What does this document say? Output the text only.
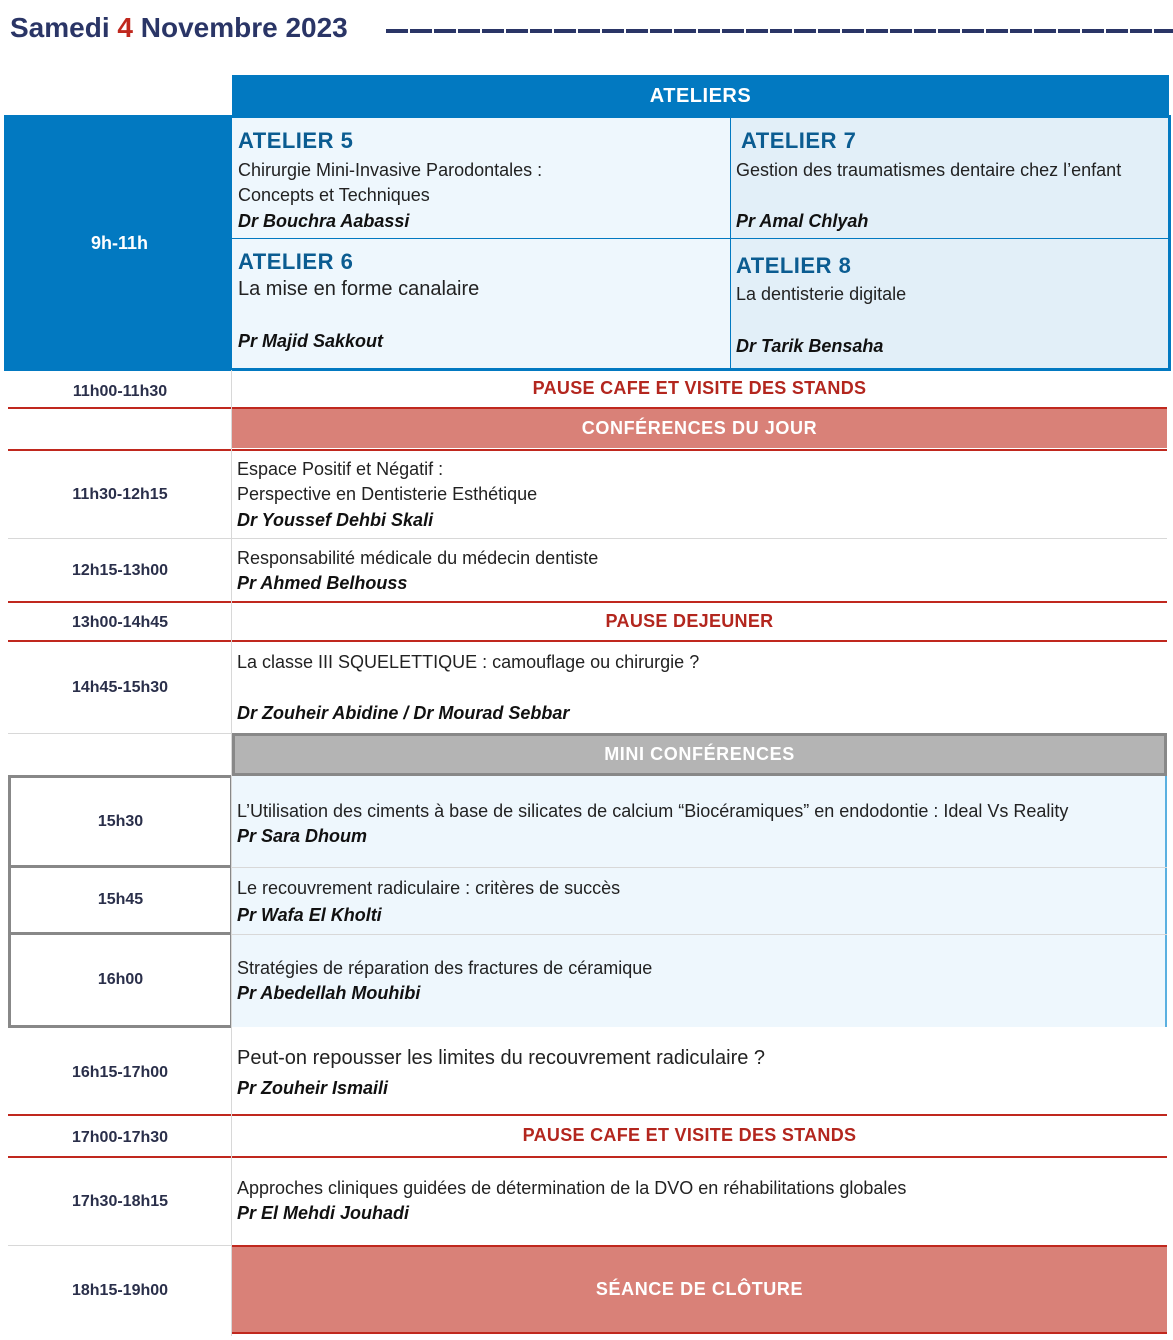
Samedi 4 Novembre 2023
ATELIERS
9h-11h
ATELIER 5
Chirurgie Mini-Invasive Parodontales :
Concepts et Techniques
Dr Bouchra Aabassi
ATELIER 7
Gestion des traumatismes dentaire chez l’enfant
Pr Amal Chlyah
ATELIER 6
La mise en forme canalaire
Pr Majid Sakkout
ATELIER 8
La dentisterie digitale
Dr Tarik Bensaha
11h00-11h30	PAUSE CAFE ET VISITE DES STANDS
CONFÉRENCES DU JOUR
11h30-12h15
Espace Positif et Négatif :
Perspective en Dentisterie Esthétique
Dr Youssef Dehbi Skali
12h15-13h00
Responsabilité médicale du médecin dentiste
Pr Ahmed Belhouss
13h00-14h45	PAUSE DEJEUNER
14h45-15h30
La classe III SQUELETTIQUE : camouflage ou chirurgie ?
Dr Zouheir Abidine / Dr Mourad Sebbar
MINI CONFÉRENCES
15h30	L’Utilisation des ciments à base de silicates de calcium “Biocéramiques” en endodontie : Ideal Vs Reality
Pr Sara Dhoum
15h45
Le recouvrement radiculaire : critères de succès
Pr Wafa El Kholti
16h00
Stratégies de réparation des fractures de céramique
Pr Abedellah Mouhibi
16h15-17h00
Peut-on repousser les limites du recouvrement radiculaire ?
Pr Zouheir Ismaili
17h00-17h30	PAUSE CAFE ET VISITE DES STANDS
17h30-18h15
Approches cliniques guidées de détermination de la DVO en réhabilitations globales
Pr El Mehdi Jouhadi
18h15-19h00	SÉANCE DE CLÔTURE
